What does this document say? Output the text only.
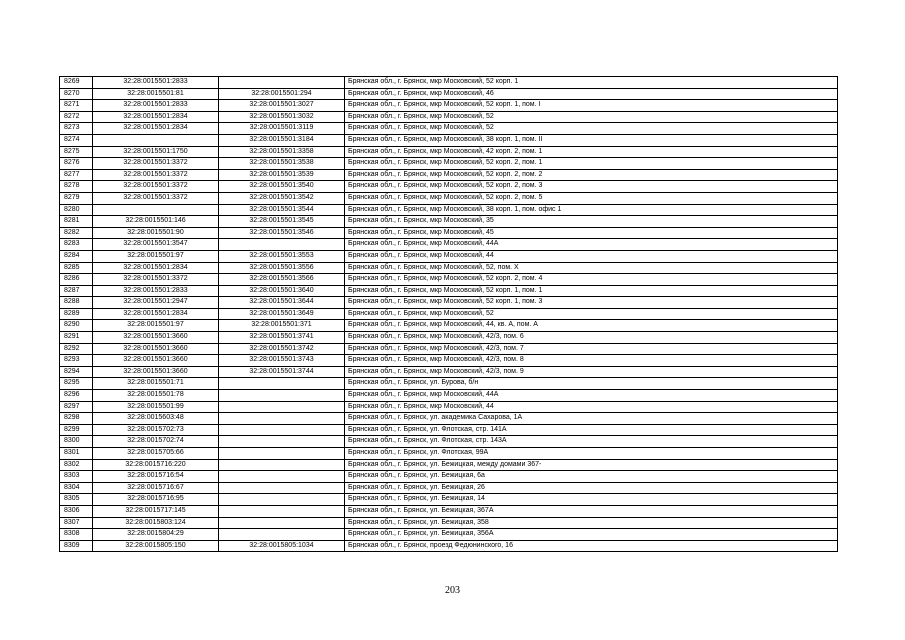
8269	32:28:0015501:2833		Брянская обл., г. Брянск, мкр Московский, 52 корп. 1
8270	32:28:0015501:81	32:28:0015501:294	Брянская обл., г. Брянск, мкр Московский, 46
8271	32:28:0015501:2833	32:28:0015501:3027	Брянская обл., г. Брянск, мкр Московский, 52 корп. 1, пом. I
8272	32:28:0015501:2834	32:28:0015501:3032	Брянская обл., г. Брянск, мкр Московский, 52
8273	32:28:0015501:2834	32:28:0015501:3119	Брянская обл., г. Брянск, мкр Московский, 52
8274		32:28:0015501:3184	Брянская обл., г. Брянск, мкр Московский, 38 корп. 1, пом. II
8275	32:28:0015501:1750	32:28:0015501:3358	Брянская обл., г. Брянск, мкр Московский, 42 корп. 2, пом. 1
8276	32:28:0015501:3372	32:28:0015501:3538	Брянская обл., г. Брянск, мкр Московский, 52 корп. 2, пом. 1
8277	32:28:0015501:3372	32:28:0015501:3539	Брянская обл., г. Брянск, мкр Московский, 52 корп. 2, пом. 2
8278	32:28:0015501:3372	32:28:0015501:3540	Брянская обл., г. Брянск, мкр Московский, 52 корп. 2, пом. 3
8279	32:28:0015501:3372	32:28:0015501:3542	Брянская обл., г. Брянск, мкр Московский, 52 корп. 2, пом. 5
8280		32:28:0015501:3544	Брянская обл., г. Брянск, мкр Московский, 38 корп. 1, пом. офис 1
8281	32:28:0015501:146	32:28:0015501:3545	Брянская обл., г. Брянск, мкр Московский, 35
8282	32:28:0015501:90	32:28:0015501:3546	Брянская обл., г. Брянск, мкр Московский, 45
8283	32:28:0015501:3547		Брянская обл., г. Брянск, мкр Московский, 44А
8284	32:28:0015501:97	32:28:0015501:3553	Брянская обл., г. Брянск, мкр Московский, 44
8285	32:28:0015501:2834	32:28:0015501:3556	Брянская обл., г. Брянск, мкр Московский, 52, пом. X
8286	32:28:0015501:3372	32:28:0015501:3566	Брянская обл., г. Брянск, мкр Московский, 52 корп. 2, пом. 4
8287	32:28:0015501:2833	32:28:0015501:3640	Брянская обл., г. Брянск, мкр Московский, 52 корп. 1, пом. 1
8288	32:28:0015501:2947	32:28:0015501:3644	Брянская обл., г. Брянск, мкр Московский, 52 корп. 1, пом. 3
8289	32:28:0015501:2834	32:28:0015501:3649	Брянская обл., г. Брянск, мкр Московский, 52
8290	32:28:0015501:97	32:28:0015501:371	Брянская обл., г. Брянск, мкр Московский, 44, кв. А, пом. А
8291	32:28:0015501:3660	32:28:0015501:3741	Брянская обл., г. Брянск, мкр Московский, 42/3, пом. 6
8292	32:28:0015501:3660	32:28:0015501:3742	Брянская обл., г. Брянск, мкр Московский, 42/3, пом. 7
8293	32:28:0015501:3660	32:28:0015501:3743	Брянская обл., г. Брянск, мкр Московский, 42/3, пом. 8
8294	32:28:0015501:3660	32:28:0015501:3744	Брянская обл., г. Брянск, мкр Московский, 42/3, пом. 9
8295	32:28:0015501:71		Брянская обл., г. Брянск, ул. Бурова, б/н
8296	32:28:0015501:78		Брянская обл., г. Брянск, мкр Московский, 44А
8297	32:28:0015501:99		Брянская обл., г. Брянск, мкр Московский, 44
8298	32:28:0015603:48		Брянская обл., г. Брянск, ул. академика Сахарова, 1А
8299	32:28:0015702:73		Брянская обл., г. Брянск, ул. Флотская, стр. 141А
8300	32:28:0015702:74		Брянская обл., г. Брянск, ул. Флотская, стр. 143А
8301	32:28:0015705:66		Брянская обл., г. Брянск, ул. Флотская, 99А
8302	32:28:0015716:220		Брянская обл., г. Брянск, ул. Бежицкая, между домами 367-
8303	32:28:0015716:54		Брянская обл., г. Брянск, ул. Бежицкая, 6а
8304	32:28:0015716:67		Брянская обл., г. Брянск, ул. Бежицкая, 26
8305	32:28:0015716:95		Брянская обл., г. Брянск, ул. Бежицкая, 14
8306	32:28:0015717:145		Брянская обл., г. Брянск, ул. Бежицкая, 367А
8307	32:28:0015803:124		Брянская обл., г. Брянск, ул. Бежицкая, 358
8308	32:28:0015804:29		Брянская обл., г. Брянск, ул. Бежицкая, 356А
8309	32:28:0015805:150	32:28:0015805:1034	Брянская обл., г. Брянск, проезд Федюнинского, 16
203
